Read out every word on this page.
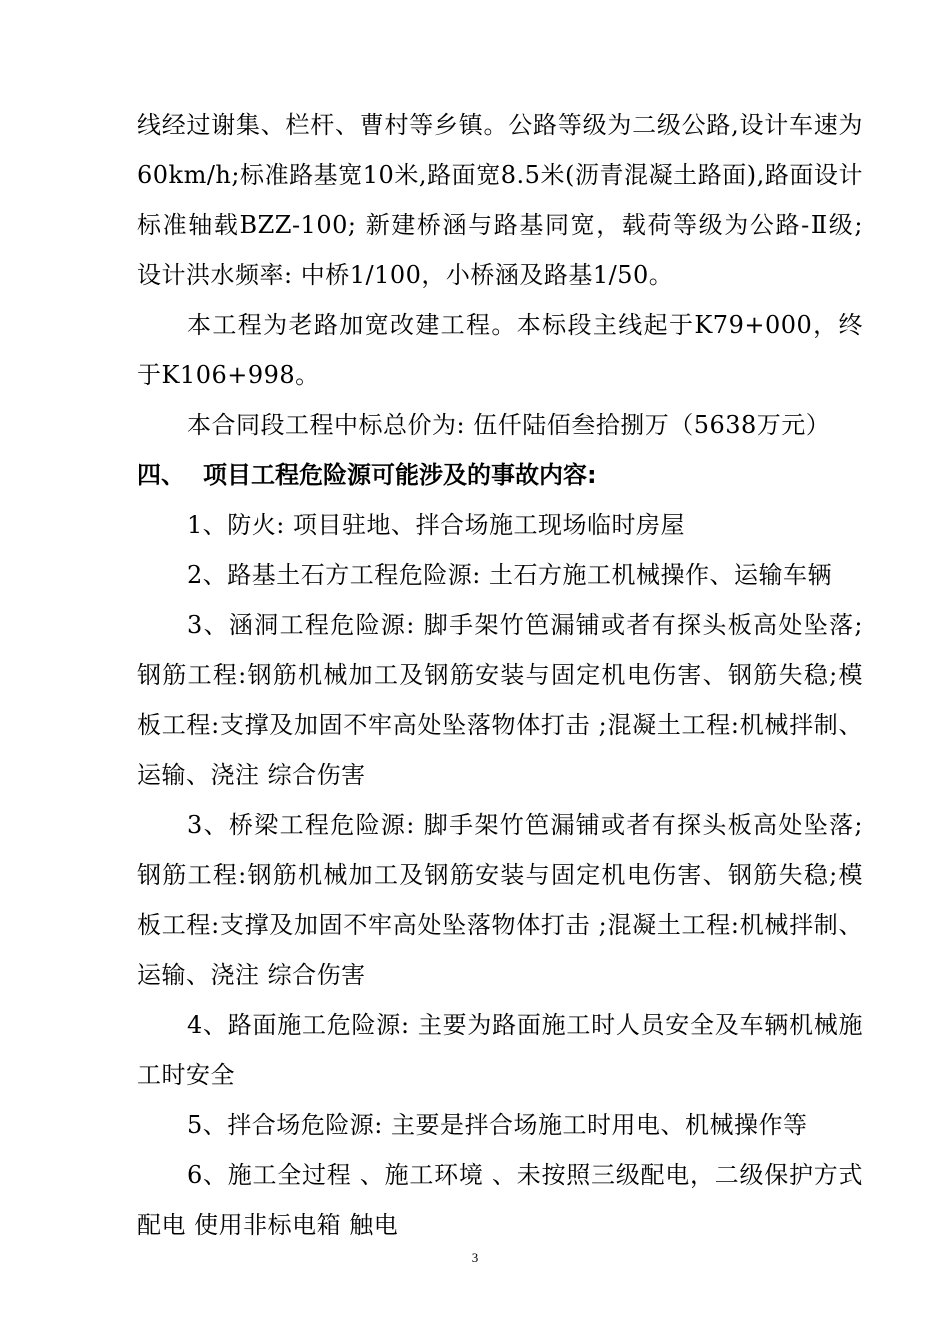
线经过谢集、栏杆、曹村等乡镇。公路等级为二级公路,设计车速为60km/h;标准路基宽10米,路面宽8.5米(沥青混凝土路面),路面设计标准轴载BZZ-100; 新建桥涵与路基同宽，载荷等级为公路-Ⅱ级; 设计洪水频率: 中桥1/100，小桥涵及路基1/50。

本工程为老路加宽改建工程。本标段主线起于K79+000，终于K106+998。

本合同段工程中标总价为: 伍仟陆佰叁拾捌万（5638万元）

四、 项目工程危险源可能涉及的事故内容:

1、防火: 项目驻地、拌合场施工现场临时房屋

2、路基土石方工程危险源: 土石方施工机械操作、运输车辆

3、涵洞工程危险源: 脚手架竹笆漏铺或者有探头板高处坠落;钢筋工程:钢筋机械加工及钢筋安装与固定机电伤害、钢筋失稳;模板工程:支撑及加固不牢高处坠落物体打击 ;混凝土工程:机械拌制、运输、浇注 综合伤害

3、桥梁工程危险源: 脚手架竹笆漏铺或者有探头板高处坠落;钢筋工程:钢筋机械加工及钢筋安装与固定机电伤害、钢筋失稳;模板工程:支撑及加固不牢高处坠落物体打击 ;混凝土工程:机械拌制、运输、浇注 综合伤害

4、路面施工危险源: 主要为路面施工时人员安全及车辆机械施工时安全

5、拌合场危险源: 主要是拌合场施工时用电、机械操作等

6、施工全过程 、施工环境 、未按照三级配电，二级保护方式配电 使用非标电箱 触电

3
